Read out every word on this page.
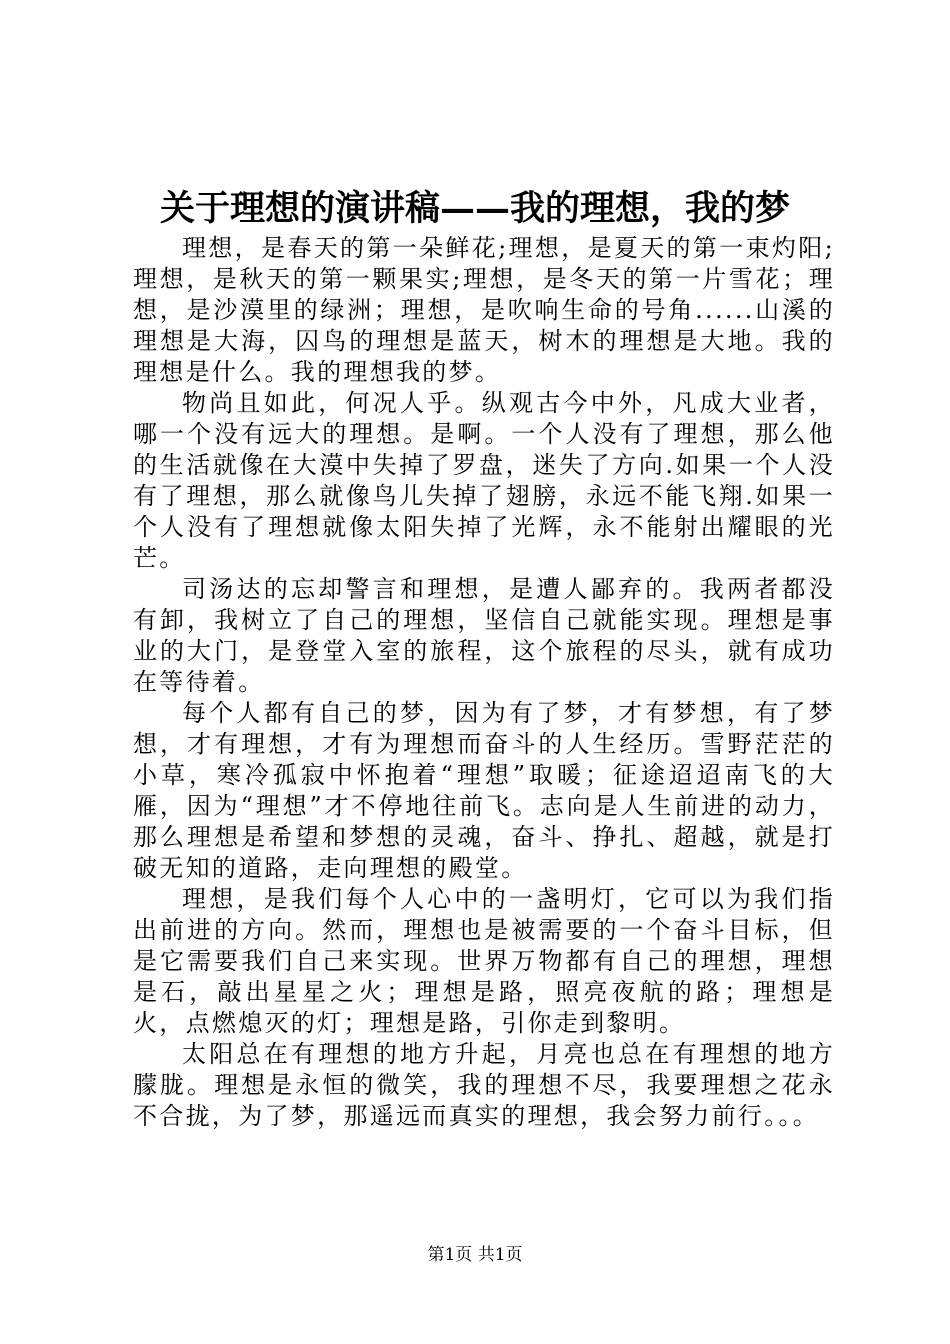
关于理想的演讲稿——我的理想，我的梦

理想，是春天的第一朵鲜花;理想，是夏天的第一束灼阳;理想，是秋天的第一颗果实;理想，是冬天的第一片雪花；理想，是沙漠里的绿洲；理想，是吹响生命的号角......山溪的理想是大海，囚鸟的理想是蓝天，树木的理想是大地。我的理想是什么。我的理想我的梦。

物尚且如此，何况人乎。纵观古今中外，凡成大业者，哪一个没有远大的理想。是啊。一个人没有了理想，那么他的生活就像在大漠中失掉了罗盘，迷失了方向.如果一个人没有了理想，那么就像鸟儿失掉了翅膀，永远不能飞翔.如果一个人没有了理想就像太阳失掉了光辉，永不能射出耀眼的光芒。

司汤达的忘却警言和理想，是遭人鄙弃的。我两者都没有卸，我树立了自己的理想，坚信自己就能实现。理想是事业的大门，是登堂入室的旅程，这个旅程的尽头，就有成功在等待着。

每个人都有自己的梦，因为有了梦，才有梦想，有了梦想，才有理想，才有为理想而奋斗的人生经历。雪野茫茫的小草，寒冷孤寂中怀抱着“理想”取暖；征途迢迢南飞的大雁，因为“理想”才不停地往前飞。志向是人生前进的动力，那么理想是希望和梦想的灵魂，奋斗、挣扎、超越，就是打破无知的道路，走向理想的殿堂。

理想，是我们每个人心中的一盏明灯，它可以为我们指出前进的方向。然而，理想也是被需要的一个奋斗目标，但是它需要我们自己来实现。世界万物都有自己的理想，理想是石，敲出星星之火；理想是路，照亮夜航的路；理想是火，点燃熄灭的灯；理想是路，引你走到黎明。

太阳总在有理想的地方升起，月亮也总在有理想的地方朦胧。理想是永恒的微笑，我的理想不尽，我要理想之花永不合拢，为了梦，那遥远而真实的理想，我会努力前行。。。

第1页 共1页
